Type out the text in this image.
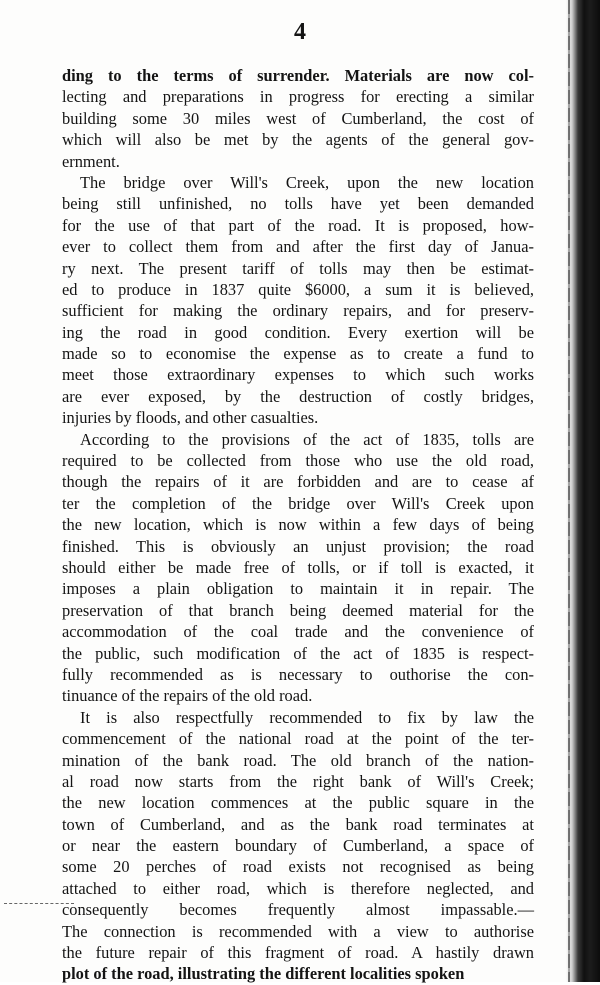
4
ding to the terms of surrender. Materials are now col-
lecting and preparations in progress for erecting a similar
building some 30 miles west of Cumberland, the cost of
which will also be met by the agents of the general gov-
ernment.
The bridge over Will's Creek, upon the new location
being still unfinished, no tolls have yet been demanded
for the use of that part of the road. It is proposed, how-
ever to collect them from and after the first day of Janua-
ry next. The present tariff of tolls may then be estimat-
ed to produce in 1837 quite $6000, a sum it is believed,
sufficient for making the ordinary repairs, and for preserv-
ing the road in good condition. Every exertion will be
made so to economise the expense as to create a fund to
meet those extraordinary expenses to which such works
are ever exposed, by the destruction of costly bridges,
injuries by floods, and other casualties.
According to the provisions of the act of 1835, tolls are
required to be collected from those who use the old road,
though the repairs of it are forbidden and are to cease af
ter the completion of the bridge over Will's Creek upon
the new location, which is now within a few days of being
finished. This is obviously an unjust provision; the road
should either be made free of tolls, or if toll is exacted, it
imposes a plain obligation to maintain it in repair. The
preservation of that branch being deemed material for the
accommodation of the coal trade and the convenience of
the public, such modification of the act of 1835 is respect-
fully recommended as is necessary to outhorise the con-
tinuance of the repairs of the old road.
It is also respectfully recommended to fix by law the
commencement of the national road at the point of the ter-
mination of the bank road. The old branch of the nation-
al road now starts from the right bank of Will's Creek;
the new location commences at the public square in the
town of Cumberland, and as the bank road terminates at
or near the eastern boundary of Cumberland, a space of
some 20 perches of road exists not recognised as being
attached to either road, which is therefore neglected, and
consequently becomes frequently almost impassable.—
The connection is recommended with a view to authorise
the future repair of this fragment of road. A hastily drawn
plot of the road, illustrating the different localities spoken
